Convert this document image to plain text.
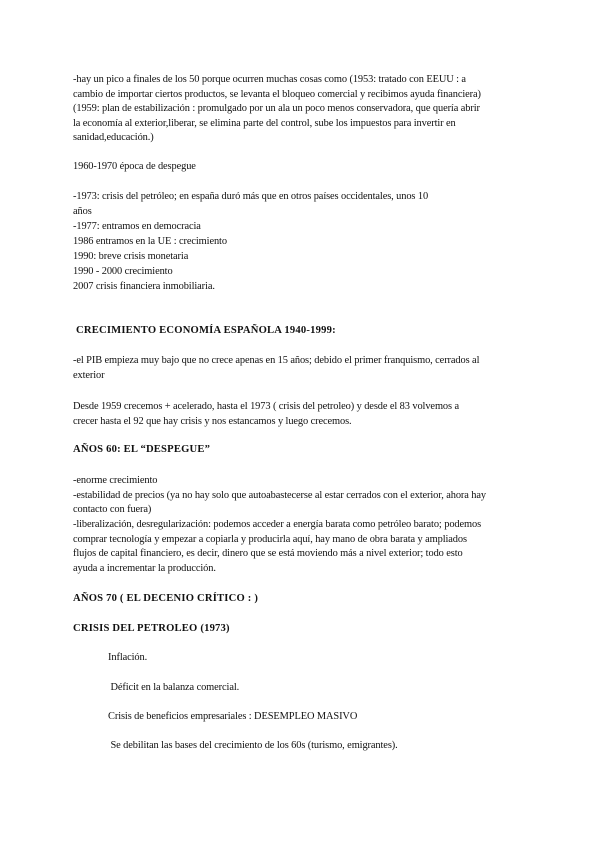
-hay un pico a finales de los 50 porque ocurren muchas cosas como (1953: tratado con EEUU : a
cambio de importar ciertos productos, se levanta el bloqueo comercial y recibimos ayuda financiera)
(1959: plan de estabilización : promulgado por un ala un poco menos conservadora, que quería abrir
la economía al exterior,liberar, se elimina parte del control, sube los impuestos para invertir en
sanidad,educación.)
1960-1970 época de despegue
-1973: crisis del petróleo; en españa duró más que en otros países occidentales, unos 10
años
-1977: entramos en democracia
1986 entramos en la UE : crecimiento
1990: breve crisis monetaria
1990 - 2000 crecimiento
2007 crisis financiera inmobiliaria.
CRECIMIENTO ECONOMÍA ESPAÑOLA 1940-1999:
-el PIB empieza muy bajo que no crece apenas en 15 años; debido el primer franquismo, cerrados al
exterior
Desde 1959 crecemos + acelerado, hasta el 1973 ( crisis del petroleo) y desde el 83 volvemos a
crecer hasta el 92 que hay crisis y nos estancamos y luego crecemos.
AÑOS 60: EL “DESPEGUE”
-enorme crecimiento
-estabilidad de precios (ya no hay solo que autoabastecerse al estar cerrados con el exterior, ahora hay
contacto con fuera)
-liberalización, desregularización: podemos acceder a energía barata como petróleo barato; podemos
comprar tecnología y empezar a copiarla y producirla aquí, hay mano de obra barata y ampliados
flujos de capital financiero, es decir, dinero que se está moviendo más a nivel exterior; todo esto
ayuda a incrementar la producción.
AÑOS 70 ( EL DECENIO CRÍTICO : )
CRISIS DEL PETROLEO (1973)
Inflación.
Déficit en la balanza comercial.
Crisis de beneficios empresariales : DESEMPLEO MASIVO
Se debilitan las bases del crecimiento de los 60s (turismo, emigrantes).
